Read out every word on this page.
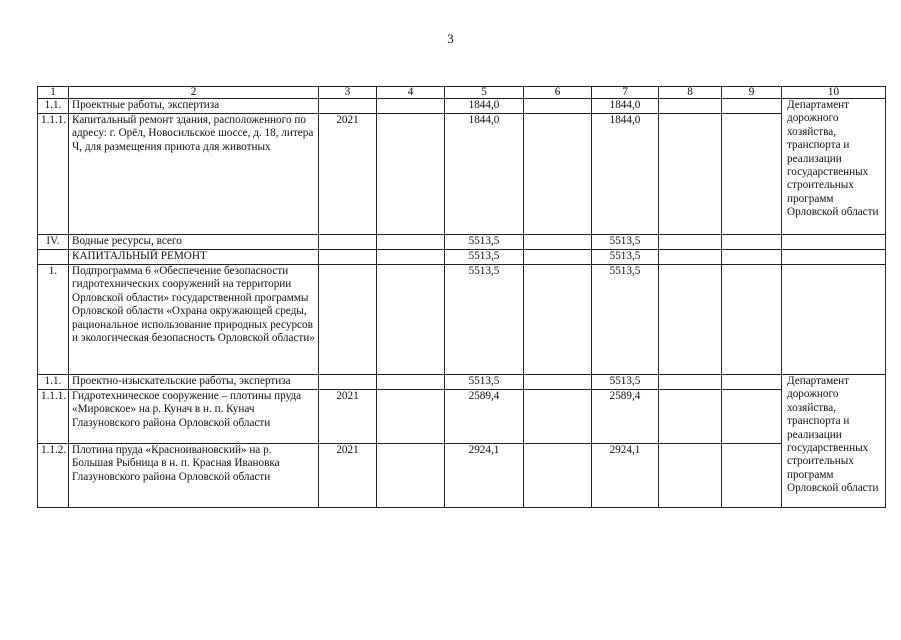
3
1	2	3	4	5	6	7	8	9	10
1.1.	Проектные работы, экспертиза			1844,0		1844,0			Департамент дорожного хозяйства, транспорта и реализации государственных строительных программ Орловской области
1.1.1.	Капитальный ремонт здания, расположенного по адресу: г. Орёл, Новосильское шоссе, д. 18, литера Ч, для размещения приюта для животных	2021		1844,0		1844,0			
IV.	Водные ресурсы, всего			5513,5		5513,5			
	КАПИТАЛЬНЫЙ РЕМОНТ			5513,5		5513,5			
1.	Подпрограмма 6 «Обеспечение безопасности гидротехнических сооружений на территории Орловской области» государственной программы Орловской области «Охрана окружающей среды, рациональное использование природных ресурсов и экологическая безопасность Орловской области»			5513,5		5513,5			
1.1.	Проектно-изыскательские работы, экспертиза			5513,5		5513,5			Департамент дорожного хозяйства, транспорта и реализации государственных строительных программ Орловской области
1.1.1.	Гидротехническое сооружение – плотины пруда «Мировское» на р. Кунач в н. п. Кунач Глазуновского района Орловской области	2021		2589,4		2589,4			
1.1.2.	Плотина пруда «Красноивановский» на р. Большая Рыбница в н. п. Красная Ивановка Глазуновского района Орловской области	2021		2924,1		2924,1			
